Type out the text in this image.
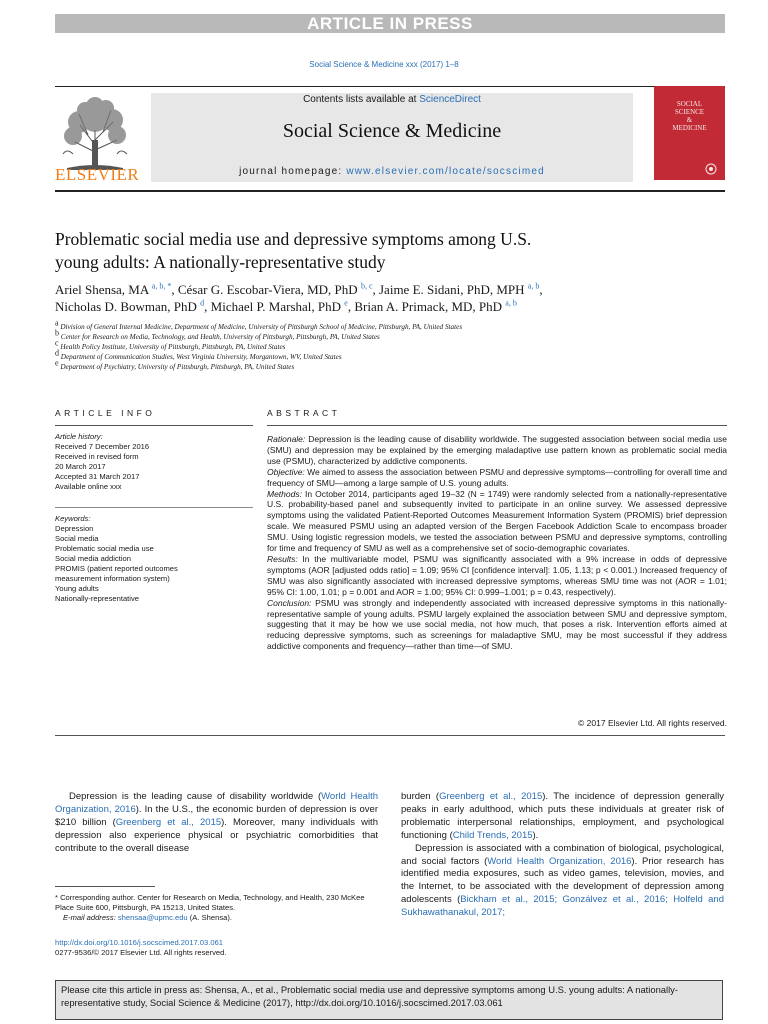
ARTICLE IN PRESS
Social Science & Medicine xxx (2017) 1–8
ELSEVIER
Contents lists available at ScienceDirect
Social Science & Medicine
journal homepage: www.elsevier.com/locate/socscimed
SOCIAL
SCIENCE
&
MEDICINE
Problematic social media use and depressive symptoms among U.S.
young adults: A nationally-representative study
Ariel Shensa, MA $^{a, b, *}$, César G. Escobar-Viera, MD, PhD $^{b, c}$, Jaime E. Sidani, PhD, MPH $^{a, b}$,
Nicholas D. Bowman, PhD $^d$, Michael P. Marshal, PhD $^e$, Brian A. Primack, MD, PhD $^{a, b}$
$^a$ Division of General Internal Medicine, Department of Medicine, University of Pittsburgh School of Medicine, Pittsburgh, PA, United States
$^b$ Center for Research on Media, Technology, and Health, University of Pittsburgh, Pittsburgh, PA, United States
$^c$ Health Policy Institute, University of Pittsburgh, Pittsburgh, PA, United States
$^d$ Department of Communication Studies, West Virginia University, Morgantown, WV, United States
$^e$ Department of Psychiatry, University of Pittsburgh, Pittsburgh, PA, United States
ARTICLE INFO
Article history:
Received 7 December 2016
Received in revised form
20 March 2017
Accepted 31 March 2017
Available online xxx
Keywords:
Depression
Social media
Problematic social media use
Social media addiction
PROMIS (patient reported outcomes
measurement information system)
Young adults
Nationally-representative
ABSTRACT

Rationale: Depression is the leading cause of disability worldwide. The suggested association between social media use (SMU) and depression may be explained by the emerging maladaptive use pattern known as problematic social media use (PSMU), characterized by addictive components.

Objective: We aimed to assess the association between PSMU and depressive symptoms—controlling for overall time and frequency of SMU—among a large sample of U.S. young adults.

Methods: In October 2014, participants aged 19–32 (N = 1749) were randomly selected from a nationally-representative U.S. probability-based panel and subsequently invited to participate in an online survey. We assessed depressive symptoms using the validated Patient-Reported Outcomes Measurement Information System (PROMIS) brief depression scale. We measured PSMU using an adapted version of the Bergen Facebook Addiction Scale to encompass broader SMU. Using logistic regression models, we tested the association between PSMU and depressive symptoms, controlling for time and frequency of SMU as well as a comprehensive set of socio-demographic covariates.

Results: In the multivariable model, PSMU was significantly associated with a 9% increase in odds of depressive symptoms (AOR [adjusted odds ratio] = 1.09; 95% CI [confidence interval]: 1.05, 1.13; p < 0.001.) Increased frequency of SMU was also significantly associated with increased depressive symptoms, whereas SMU time was not (AOR = 1.01; 95% CI: 1.00, 1.01; p = 0.001 and AOR = 1.00; 95% CI: 0.999–1.001; p = 0.43, respectively).

Conclusion: PSMU was strongly and independently associated with increased depressive symptoms in this nationally-representative sample of young adults. PSMU largely explained the association between SMU and depressive symptom, suggesting that it may be how we use social media, not how much, that poses a risk. Intervention efforts aimed at reducing depressive symptoms, such as screenings for maladaptive SMU, may be most successful if they address addictive components and frequency—rather than time—of SMU.

© 2017 Elsevier Ltd. All rights reserved.

Depression is the leading cause of disability worldwide (World Health Organization, 2016). In the U.S., the economic burden of depression is over $210 billion (Greenberg et al., 2015). Moreover, many individuals with depression also experience physical or psychiatric comorbidities that contribute to the overall disease

burden (Greenberg et al., 2015). The incidence of depression generally peaks in early adulthood, which puts these individuals at greater risk of problematic interpersonal relationships, employment, and psychological functioning (Child Trends, 2015).

Depression is associated with a combination of biological, psychological, and social factors (World Health Organization, 2016). Prior research has identified media exposures, such as video games, television, movies, and the Internet, to be associated with the development of depression among adolescents (Bickham et al., 2015; Gonzálvez et al., 2016; Holfeld and Sukhawathanakul, 2017;

* Corresponding author. Center for Research on Media, Technology, and Health, 230 McKee Place Suite 600, Pittsburgh, PA 15213, United States.
E-mail address: shensaa@upmc.edu (A. Shensa).
http://dx.doi.org/10.1016/j.socscimed.2017.03.061
0277-9536/© 2017 Elsevier Ltd. All rights reserved.
Please cite this article in press as: Shensa, A., et al., Problematic social media use and depressive symptoms among U.S. young adults: A nationally-representative study, Social Science & Medicine (2017), http://dx.doi.org/10.1016/j.socscimed.2017.03.061
